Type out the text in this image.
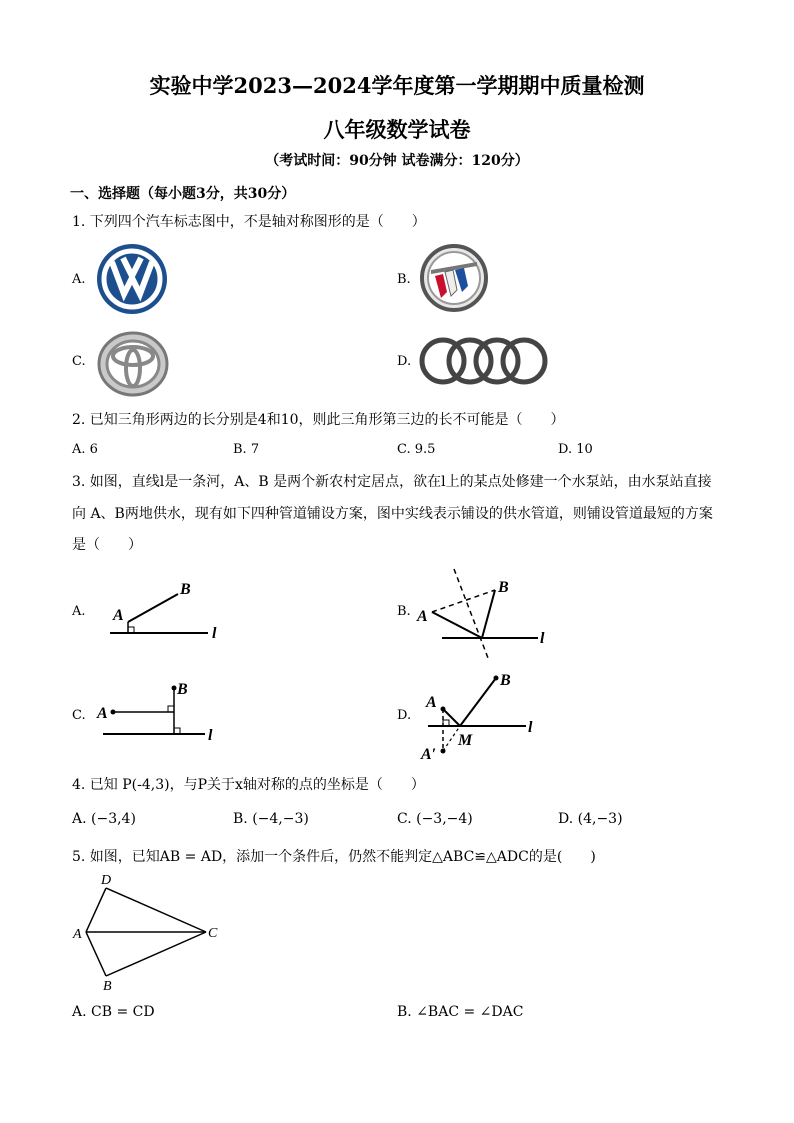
实验中学2023—2024学年度第一学期期中质量检测
八年级数学试卷
（考试时间：90分钟 试卷满分：120分）
一、选择题（每小题3分，共30分）
1. 下列四个汽车标志图中，不是轴对称图形的是（　　）
A.	B.
C.	D.
2. 已知三角形两边的长分别是4和10，则此三角形第三边的长不可能是（　　）
A. 6	B. 7	C. 9.5	D. 10
3. 如图，直线l是一条河，A、B 是两个新农村定居点，欲在l上的某点处修建一个水泵站，由水泵站直接
向 A、B两地供水，现有如下四种管道铺设方案，图中实线表示铺设的供水管道，则铺设管道最短的方案
是（　　）
A.	B.
C.	D.
A
B
l
A
B
l
A
B
l
A
B
l
M
A′
4. 已知 P(-4,3)，与P关于x轴对称的点的坐标是（　　）
A. (−3,4)	B. (−4,−3)	C. (−3,−4)	D. (4,−3)
5. 如图，已知AB = AD，添加一个条件后，仍然不能判定△ABC≌△ADC的是(　　)
A
D
C
B
A. CB = CD	B. ∠BAC = ∠DAC
